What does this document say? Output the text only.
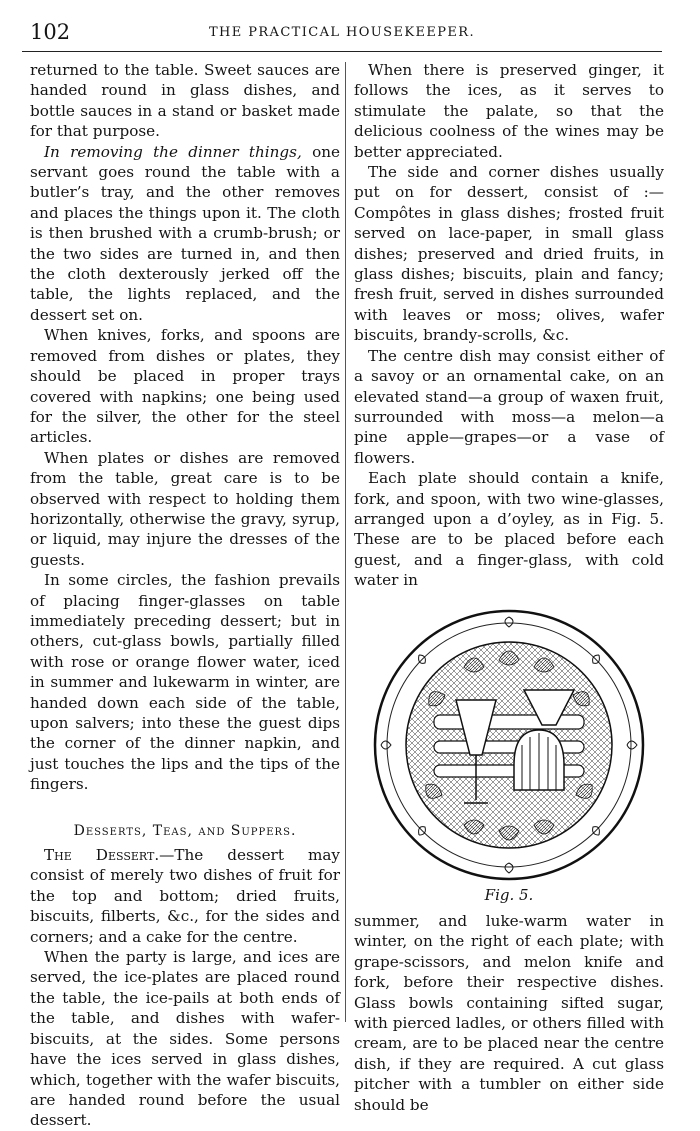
102	THE PRACTICAL HOUSEKEEPER.

returned to the table. Sweet sauces are handed round in glass dishes, and bottle sauces in a stand or basket made for that purpose.

In removing the dinner things, one servant goes round the table with a butler’s tray, and the other removes and places the things upon it. The cloth is then brushed with a crumb-brush; or the two sides are turned in, and then the cloth dexterously jerked off the table, the lights replaced, and the dessert set on.

When knives, forks, and spoons are removed from dishes or plates, they should be placed in proper trays covered with napkins; one being used for the silver, the other for the steel articles.

When plates or dishes are removed from the table, great care is to be observed with respect to holding them horizontally, otherwise the gravy, syrup, or liquid, may injure the dresses of the guests.

In some circles, the fashion prevails of placing finger-glasses on table immediately preceding dessert; but in others, cut-glass bowls, partially filled with rose or orange flower water, iced in summer and lukewarm in winter, are handed down each side of the table, upon salvers; into these the guest dips the corner of the dinner napkin, and just touches the lips and the tips of the fingers.

Desserts, Teas, and Suppers.

The Dessert.—The dessert may consist of merely two dishes of fruit for the top and bottom; dried fruits, biscuits, filberts, &c., for the sides and corners; and a cake for the centre.

When the party is large, and ices are served, the ice-plates are placed round the table, the ice-pails at both ends of the table, and dishes with wafer-biscuits, at the sides. Some persons have the ices served in glass dishes, which, together with the wafer biscuits, are handed round before the usual dessert.

When there is preserved ginger, it follows the ices, as it serves to stimulate the palate, so that the delicious coolness of the wines may be better appreciated.

The side and corner dishes usually put on for dessert, consist of :—Compôtes in glass dishes; frosted fruit served on lace-paper, in small glass dishes; preserved and dried fruits, in glass dishes; biscuits, plain and fancy; fresh fruit, served in dishes surrounded with leaves or moss; olives, wafer biscuits, brandy-scrolls, &c.

The centre dish may consist either of a savoy or an ornamental cake, on an elevated stand—a group of waxen fruit, surrounded with moss—a melon—a pine apple—grapes—or a vase of flowers.

Each plate should contain a knife, fork, and spoon, with two wine-glasses, arranged upon a d’oyley, as in Fig. 5. These are to be placed before each guest, and a finger-glass, with cold water in

Fig. 5.

summer, and luke-warm water in winter, on the right of each plate; with grape-scissors, and melon knife and fork, before their respective dishes. Glass bowls containing sifted sugar, with pierced ladles, or others filled with cream, are to be placed near the centre dish, if they are required. A cut glass pitcher with a tumbler on either side should be
